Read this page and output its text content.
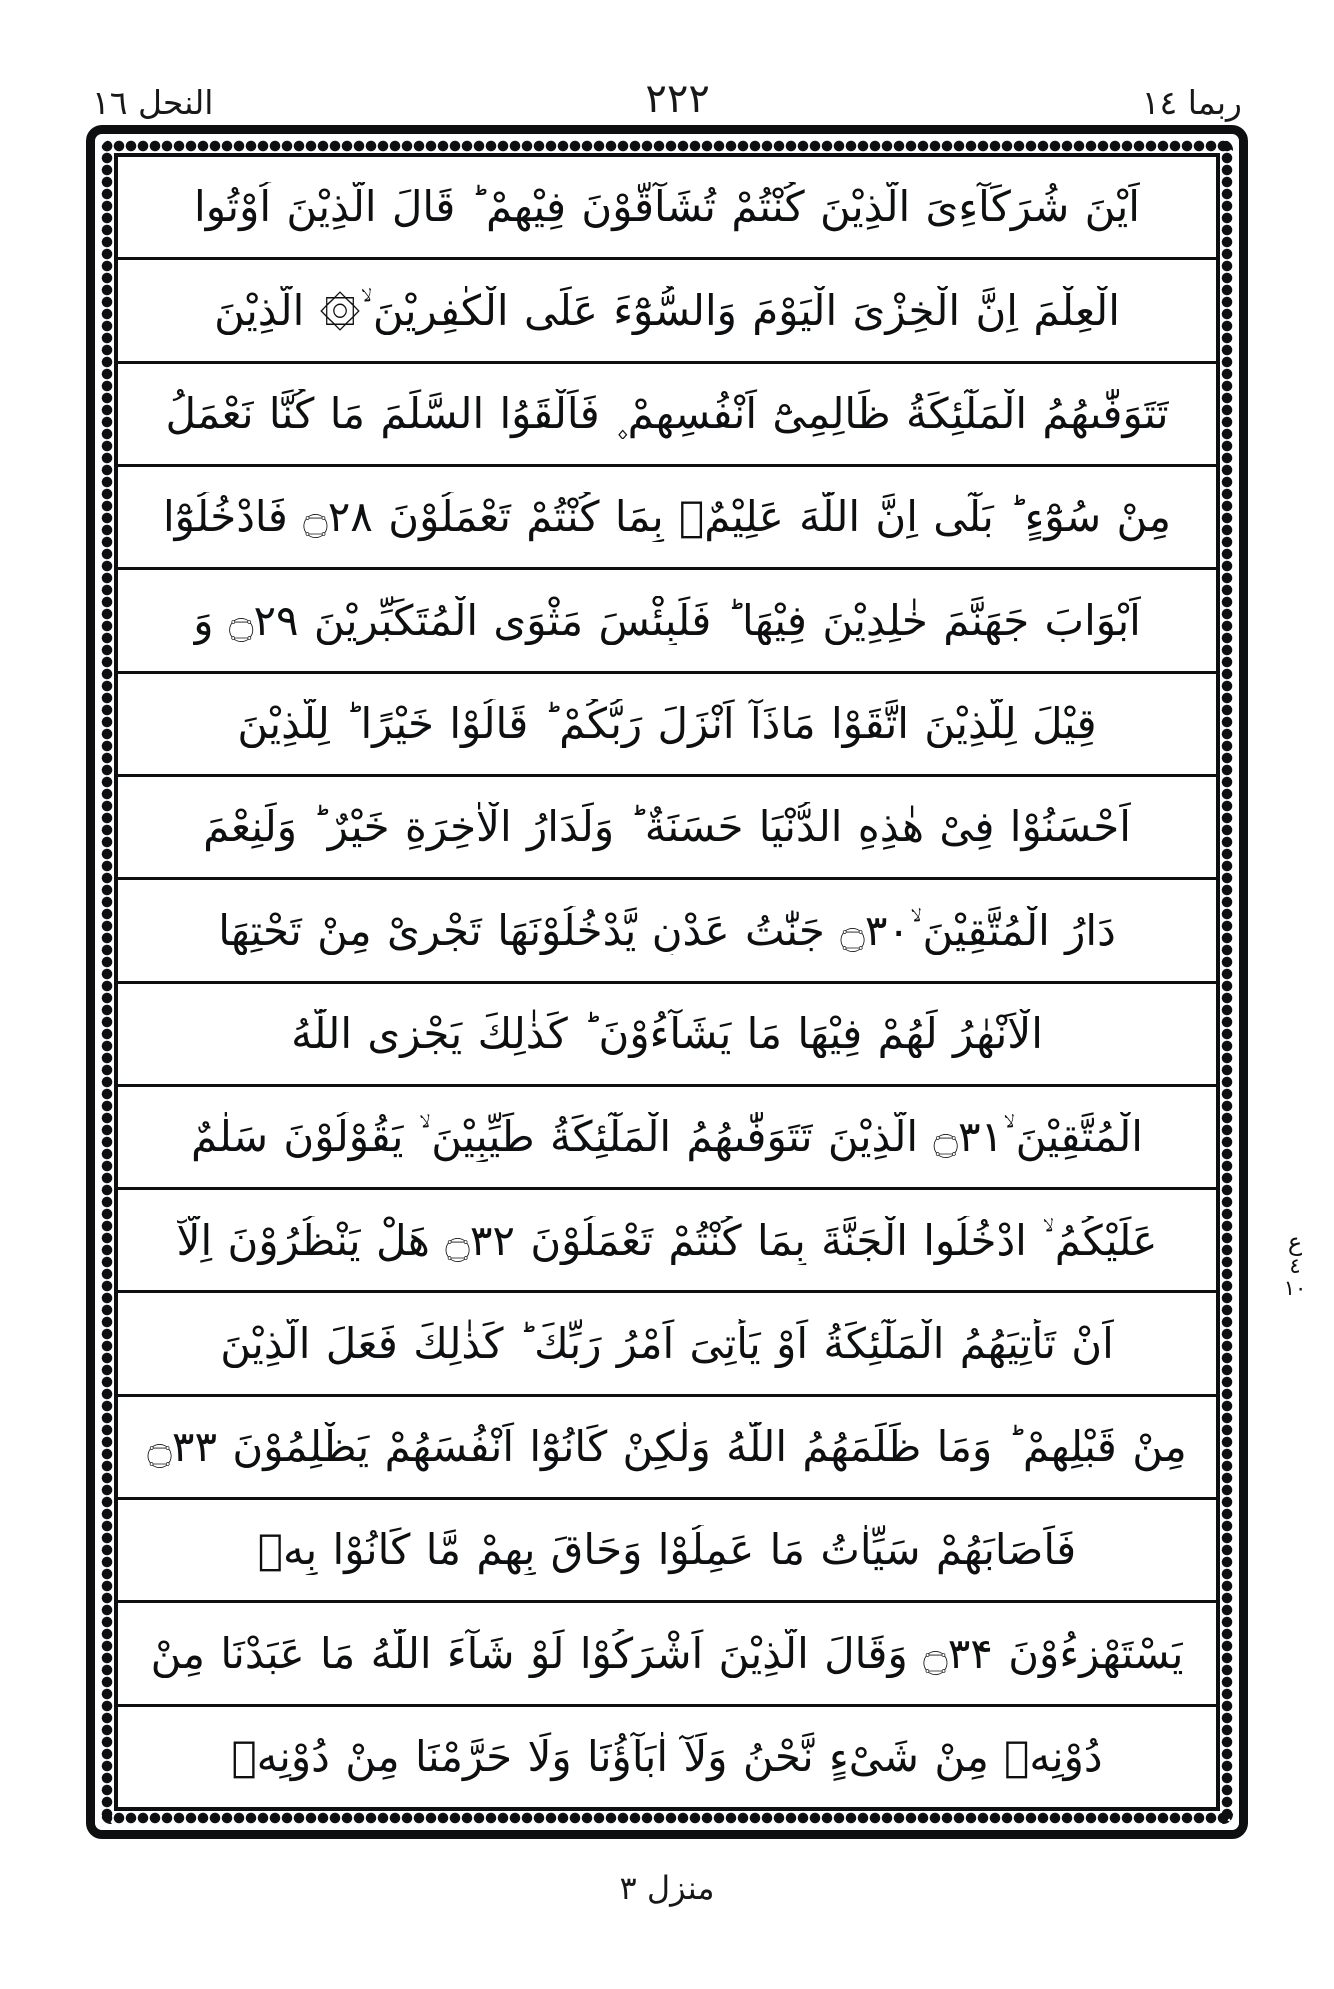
النحل ١٦	٢٢٢	ربما ١٤
اَيْنَ شُرَكَآءِىَ الَّذِيْنَ كُنْتُمْ تُشَآقُّوْنَ فِيْهِمْ ؕ قَالَ الَّذِيْنَ اُوْتُوا
الْعِلْمَ اِنَّ الْخِزْىَ الْيَوْمَ وَالسُّوْٓءَ عَلَى الْكٰفِرِيْنَ ۙ۞ الَّذِيْنَ
تَتَوَفّٰىهُمُ الْمَلٰٓئِكَةُ ظَالِمِىْٓ اَنْفُسِهِمْ ۪ فَاَلْقَوُا السَّلَمَ مَا كُنَّا نَعْمَلُ
مِنْ سُوْٓءٍ ؕ بَلٰٓى اِنَّ اللّٰهَ عَلِيْمٌۢ بِمَا كُنْتُمْ تَعْمَلُوْنَ ۝۲۸ فَادْخُلُوْٓا
اَبْوَابَ جَهَنَّمَ خٰلِدِيْنَ فِيْهَا ؕ فَلَبِئْسَ مَثْوَى الْمُتَكَبِّرِيْنَ ۝۲۹ وَ
قِيْلَ لِلَّذِيْنَ اتَّقَوْا مَاذَآ اَنْزَلَ رَبُّكُمْ ؕ قَالُوْا خَيْرًا ؕ لِلَّذِيْنَ
اَحْسَنُوْا فِىْ هٰذِهِ الدُّنْيَا حَسَنَةٌ ؕ وَلَدَارُ الْاٰخِرَةِ خَيْرٌ ؕ وَلَنِعْمَ
دَارُ الْمُتَّقِيْنَ ۙ۝۳۰ جَنّٰتُ عَدْنٍ يَّدْخُلُوْنَهَا تَجْرِىْ مِنْ تَحْتِهَا
الْاَنْهٰرُ لَهُمْ فِيْهَا مَا يَشَآءُوْنَ ؕ كَذٰلِكَ يَجْزِى اللّٰهُ
الْمُتَّقِيْنَ ۙ۝۳۱ الَّذِيْنَ تَتَوَفّٰىهُمُ الْمَلٰٓئِكَةُ طَيِّبِيْنَ ۙ يَقُوْلُوْنَ سَلٰمٌ
عَلَيْكُمُ ۙ ادْخُلُوا الْجَنَّةَ بِمَا كُنْتُمْ تَعْمَلُوْنَ ۝۳۲ هَلْ يَنْظُرُوْنَ اِلَّآ
اَنْ تَأْتِيَهُمُ الْمَلٰٓئِكَةُ اَوْ يَأْتِىَ اَمْرُ رَبِّكَ ؕ كَذٰلِكَ فَعَلَ الَّذِيْنَ
مِنْ قَبْلِهِمْ ؕ وَمَا ظَلَمَهُمُ اللّٰهُ وَلٰكِنْ كَانُوْٓا اَنْفُسَهُمْ يَظْلِمُوْنَ ۝۳۳
فَاَصَابَهُمْ سَيِّاٰتُ مَا عَمِلُوْا وَحَاقَ بِهِمْ مَّا كَانُوْا بِهٖ
يَسْتَهْزِءُوْنَ ۝۳۴ وَقَالَ الَّذِيْنَ اَشْرَكُوْا لَوْ شَآءَ اللّٰهُ مَا عَبَدْنَا مِنْ
دُوْنِهٖ مِنْ شَىْءٍ نَّحْنُ وَلَآ اٰبَآؤُنَا وَلَا حَرَّمْنَا مِنْ دُوْنِهٖ
منزل ٣
ع
٤
١٠
